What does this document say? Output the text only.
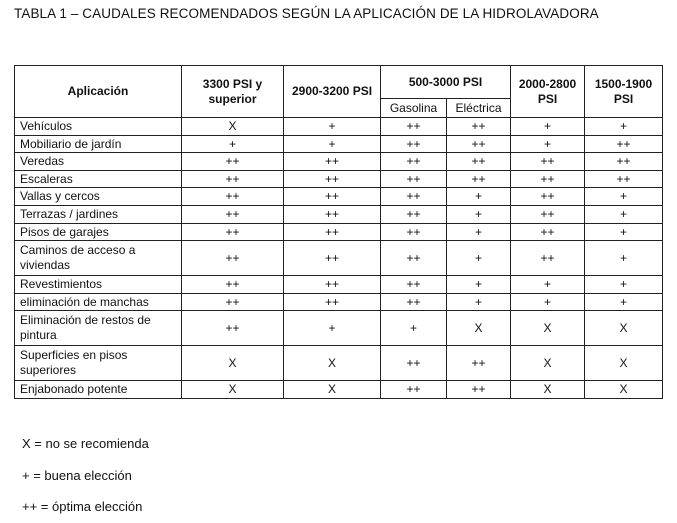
TABLA 1 – CAUDALES RECOMENDADOS SEGÚN LA APLICACIÓN DE LA HIDROLAVADORA
Aplicación	3300 PSI y superior	2900-3200 PSI	500-3000 PSI		2000-2800 PSI	1500-1900 PSI
			Gasolina	Eléctrica		
Vehículos	X	+	++	++	+	+
Mobiliario de jardín	+	+	++	++	+	++
Veredas	++	++	++	++	++	++
Escaleras	++	++	++	++	++	++
Vallas y cercos	++	++	++	+	++	+
Terrazas / jardines	++	++	++	+	++	+
Pisos de garajes	++	++	++	+	++	+
Caminos de acceso a viviendas	++	++	++	+	++	+
Revestimientos	++	++	++	+	+	+
eliminación de manchas	++	++	++	+	+	+
Eliminación de restos de pintura	++	+	+	X	X	X
Superficies en pisos superiores	X	X	++	++	X	X
Enjabonado potente	X	X	++	++	X	X
X = no se recomienda
+ = buena elección
++ = óptima elección
